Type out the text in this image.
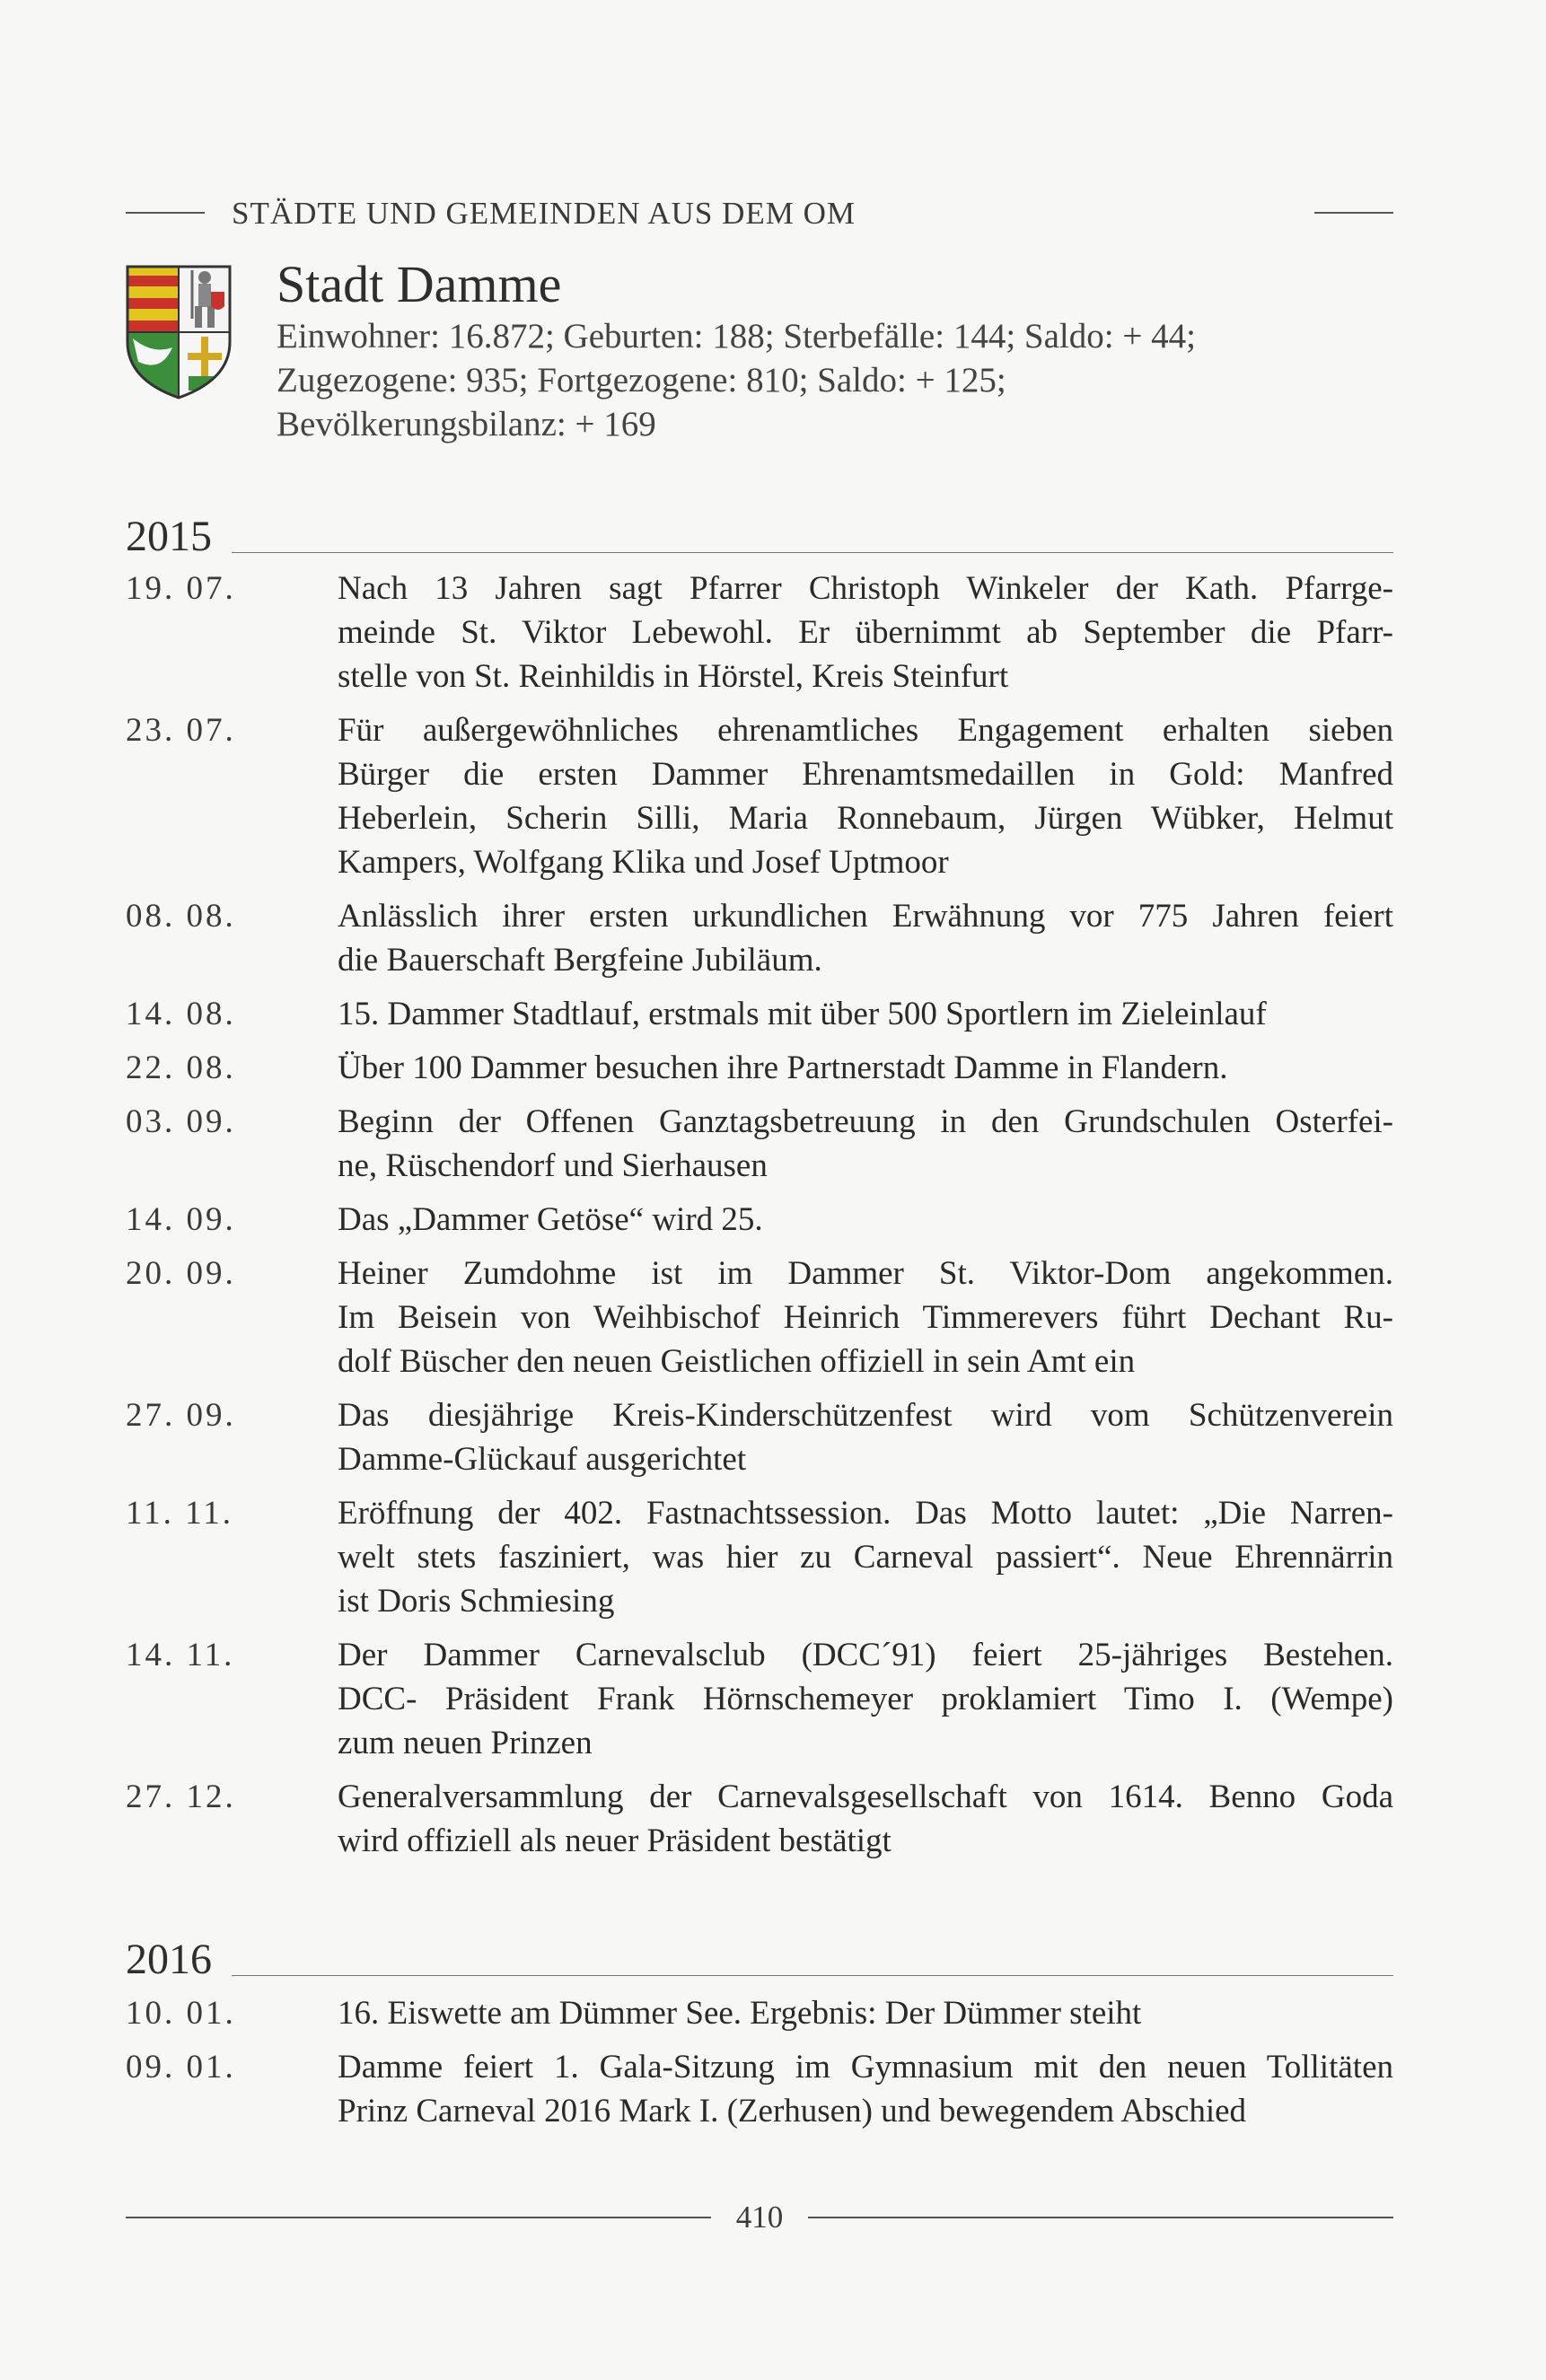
STÄDTE UND GEMEINDEN AUS DEM OM
Stadt Damme
Einwohner: 16.872; Geburten: 188; Sterbefälle: 144; Saldo: + 44;
Zugezogene: 935; Fortgezogene: 810; Saldo: + 125;
Bevölkerungsbilanz: + 169
2015
19. 07.	Nach 13 Jahren sagt Pfarrer Christoph Winkeler der Kath. Pfarrge-
meinde St. Viktor Lebewohl. Er übernimmt ab September die Pfarr-
stelle von St. Reinhildis in Hörstel, Kreis Steinfurt
23. 07.	Für außergewöhnliches ehrenamtliches Engagement erhalten sieben
Bürger die ersten Dammer Ehrenamtsmedaillen in Gold: Manfred
Heberlein, Scherin Silli, Maria Ronnebaum, Jürgen Wübker, Helmut
Kampers, Wolfgang Klika und Josef Uptmoor
08. 08.	Anlässlich ihrer ersten urkundlichen Erwähnung vor 775 Jahren feiert
die Bauerschaft Bergfeine Jubiläum.
14. 08.	15. Dammer Stadtlauf, erstmals mit über 500 Sportlern im Zieleinlauf
22. 08.	Über 100 Dammer besuchen ihre Partnerstadt Damme in Flandern.
03. 09.	Beginn der Offenen Ganztagsbetreuung in den Grundschulen Osterfei-
ne, Rüschendorf und Sierhausen
14. 09.	Das „Dammer Getöse“ wird 25.
20. 09.	Heiner Zumdohme ist im Dammer St. Viktor-Dom angekommen.
Im Beisein von Weihbischof Heinrich Timmerevers führt Dechant Ru-
dolf Büscher den neuen Geistlichen offiziell in sein Amt ein
27. 09.	Das diesjährige Kreis-Kinderschützenfest wird vom Schützenverein
Damme-Glückauf ausgerichtet
11. 11.	Eröffnung der 402. Fastnachtssession. Das Motto lautet: „Die Narren-
welt stets fasziniert, was hier zu Carneval passiert“. Neue Ehrennärrin
ist Doris Schmiesing
14. 11.	Der Dammer Carnevalsclub (DCC´91) feiert 25-jähriges Bestehen.
DCC- Präsident Frank Hörnschemeyer proklamiert Timo I. (Wempe)
zum neuen Prinzen
27. 12.	Generalversammlung der Carnevalsgesellschaft von 1614. Benno Goda
wird offiziell als neuer Präsident bestätigt
2016
10. 01.	16. Eiswette am Dümmer See. Ergebnis: Der Dümmer steiht
09. 01.	Damme feiert 1. Gala-Sitzung im Gymnasium mit den neuen Tollitäten
Prinz Carneval 2016 Mark I. (Zerhusen) und bewegendem Abschied
410
